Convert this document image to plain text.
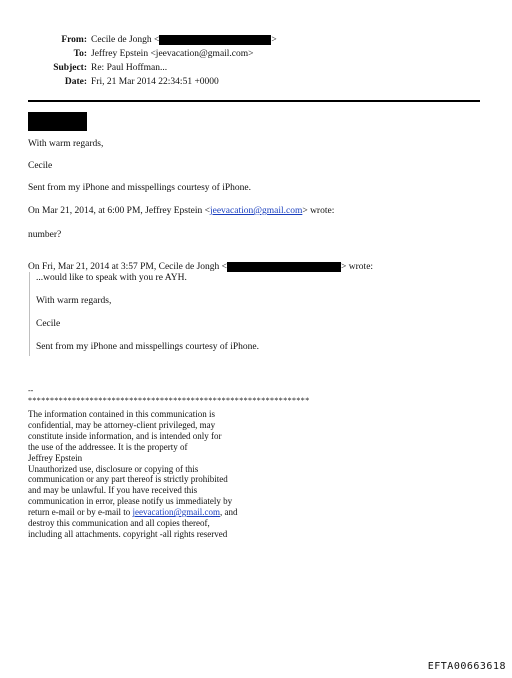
From: Cecile de Jongh <	>
To: Jeffrey Epstein <jeevacation@gmail.com>
Subject: Re: Paul Hoffman...
Date: Fri, 21 Mar 2014 22:34:51 +0000
With warm regards,
Cecile
Sent from my iPhone and misspellings courtesy of iPhone.
On Mar 21, 2014, at 6:00 PM, Jeffrey Epstein <jeevacation@gmail.com> wrote:
number?
On Fri, Mar 21, 2014 at 3:57 PM, Cecile de Jongh <	> wrote:
...would like to speak with you re AYH.
With warm regards,
Cecile
Sent from my iPhone and misspellings courtesy of iPhone.
--
****************************************************************
The information contained in this communication is
confidential, may be attorney-client privileged, may
constitute inside information, and is intended only for
the use of the addressee. It is the property of
Jeffrey Epstein
Unauthorized use, disclosure or copying of this
communication or any part thereof is strictly prohibited
and may be unlawful. If you have received this
communication in error, please notify us immediately by
return e-mail or by e-mail to jeevacation@gmail.com, and
destroy this communication and all copies thereof,
including all attachments. copyright -all rights reserved
EFTA00663618
